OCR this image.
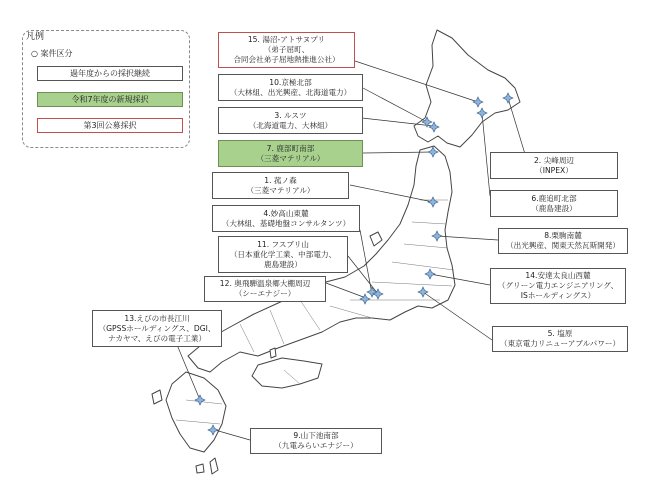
凡例
○ 案件区分
過年度からの採択継続
令和7年度の新規採択
第3回公募採択
15. 湯沼-アトサヌプリ
（弟子屈町、
合同会社弟子屈地熱推進公社）
10.京極北部
（大林組、出光興産、北海道電力）
3. ルスツ
（北海道電力、大林組）
7. 鹿部町南部
（三菱マテリアル）
1. 菰ノ森
（三菱マテリアル）
4.妙高山東麓
（大林組、基礎地盤コンサルタンツ）
11. フスブリ山
（日本重化学工業、中部電力、
鹿島建設）
12. 奥飛騨温泉郷大棚周辺
（シーエナジー）
13.えびの市長江川
（GPSSホールディングス、DGI、
ナカヤマ、えびの電子工業）
9.山下池南部
（九電みらいエナジー）
2. 尖峰周辺
（INPEX）
6.鹿追町北部
（鹿島建設）
8.栗駒南麓
（出光興産、関東天然瓦斯開発）
14.安達太良山西麓
（グリーン電力エンジニアリング、
ISホールディングス）
5. 塩原
（東京電力リニューアブルパワー）
